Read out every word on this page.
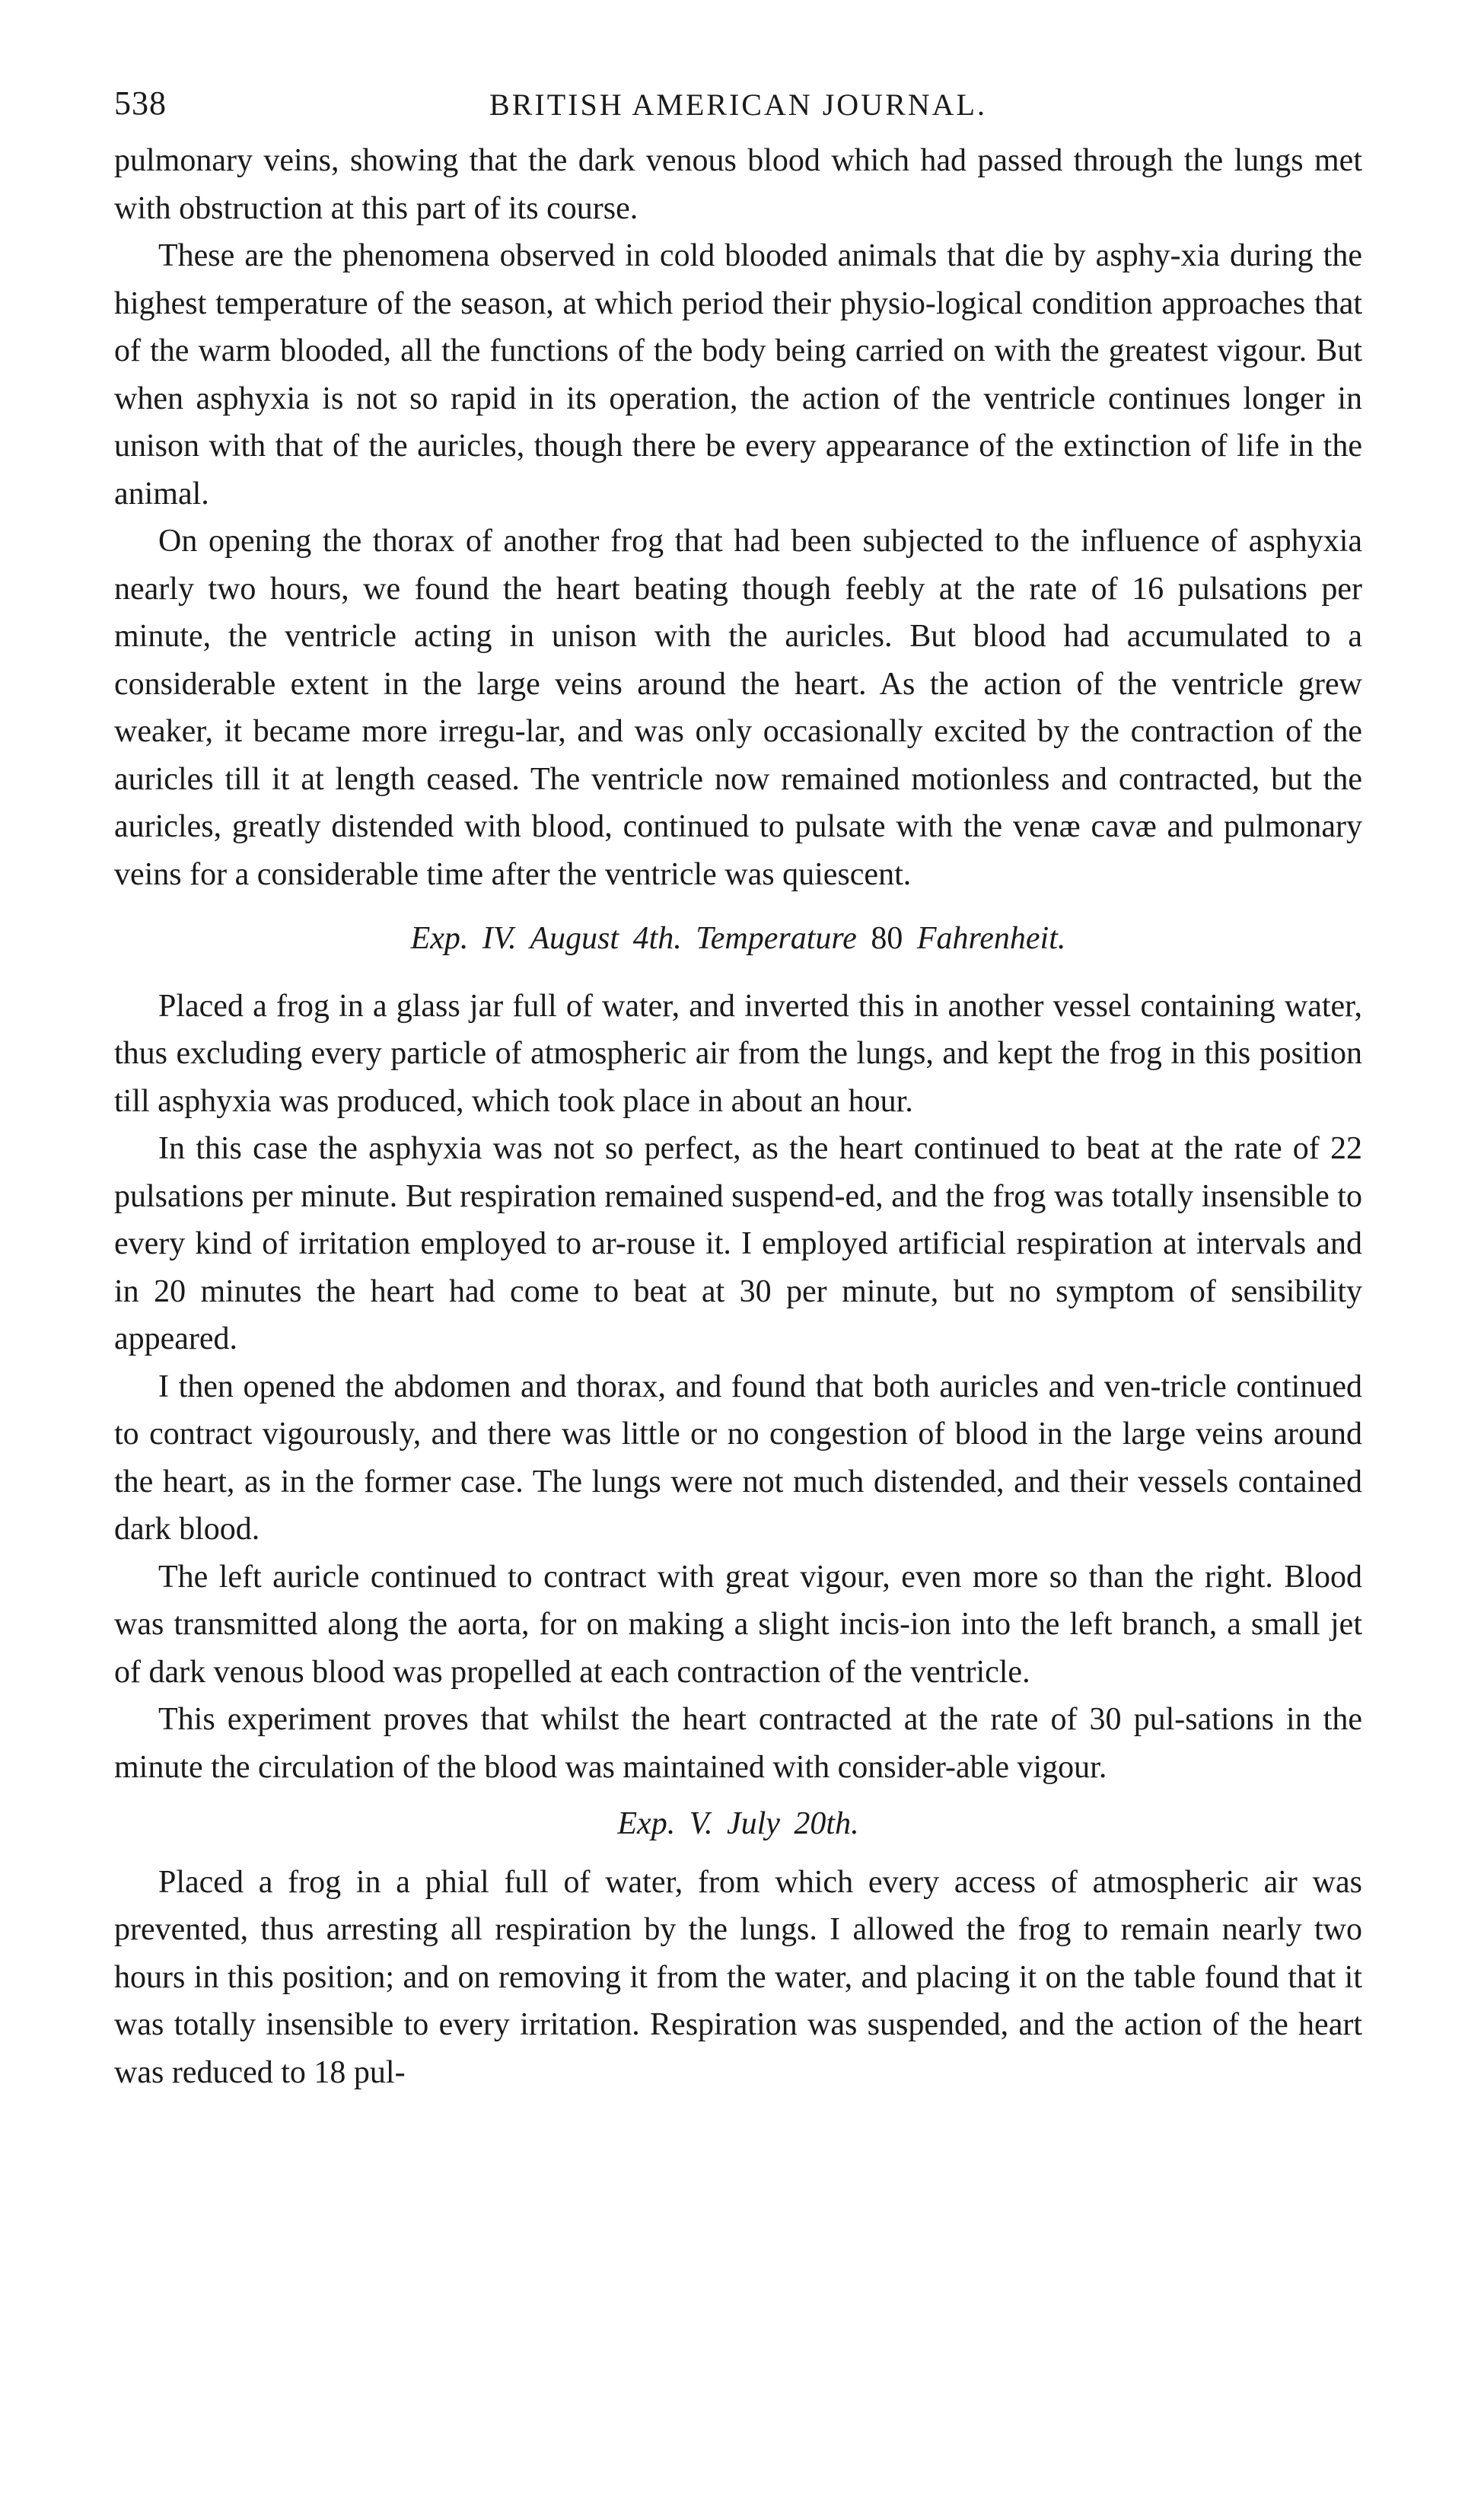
538	BRITISH AMERICAN JOURNAL.

pulmonary veins, showing that the dark venous blood which had passed through the lungs met with obstruction at this part of its course.

These are the phenomena observed in cold blooded animals that die by asphy-xia during the highest temperature of the season, at which period their physio-logical condition approaches that of the warm blooded, all the functions of the body being carried on with the greatest vigour. But when asphyxia is not so rapid in its operation, the action of the ventricle continues longer in unison with that of the auricles, though there be every appearance of the extinction of life in the animal.

On opening the thorax of another frog that had been subjected to the influence of asphyxia nearly two hours, we found the heart beating though feebly at the rate of 16 pulsations per minute, the ventricle acting in unison with the auricles. But blood had accumulated to a considerable extent in the large veins around the heart. As the action of the ventricle grew weaker, it became more irregu-lar, and was only occasionally excited by the contraction of the auricles till it at length ceased. The ventricle now remained motionless and contracted, but the auricles, greatly distended with blood, continued to pulsate with the venæ cavæ and pulmonary veins for a considerable time after the ventricle was quiescent.

Exp. IV. August 4th. Temperature 80 Fahrenheit.

Placed a frog in a glass jar full of water, and inverted this in another vessel containing water, thus excluding every particle of atmospheric air from the lungs, and kept the frog in this position till asphyxia was produced, which took place in about an hour.

In this case the asphyxia was not so perfect, as the heart continued to beat at the rate of 22 pulsations per minute. But respiration remained suspend-ed, and the frog was totally insensible to every kind of irritation employed to ar-rouse it. I employed artificial respiration at intervals and in 20 minutes the heart had come to beat at 30 per minute, but no symptom of sensibility appeared.

I then opened the abdomen and thorax, and found that both auricles and ven-tricle continued to contract vigourously, and there was little or no congestion of blood in the large veins around the heart, as in the former case. The lungs were not much distended, and their vessels contained dark blood.

The left auricle continued to contract with great vigour, even more so than the right. Blood was transmitted along the aorta, for on making a slight incis-ion into the left branch, a small jet of dark venous blood was propelled at each contraction of the ventricle.

This experiment proves that whilst the heart contracted at the rate of 30 pul-sations in the minute the circulation of the blood was maintained with consider-able vigour.

Exp. V. July 20th.

Placed a frog in a phial full of water, from which every access of atmospheric air was prevented, thus arresting all respiration by the lungs. I allowed the frog to remain nearly two hours in this position; and on removing it from the water, and placing it on the table found that it was totally insensible to every irritation. Respiration was suspended, and the action of the heart was reduced to 18 pul-
